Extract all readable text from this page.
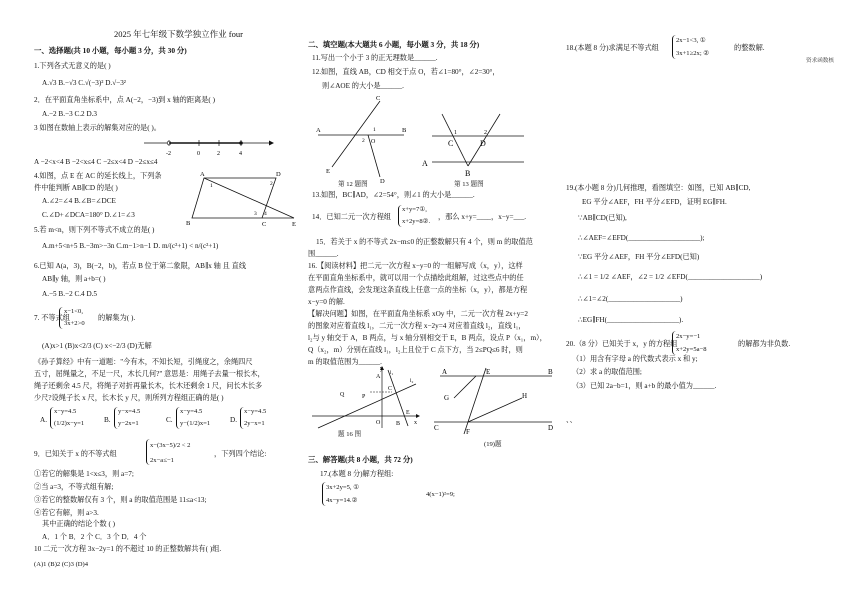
2025 年七年级下数学独立作业 four
一、选择题(共 10 小题，每小题 3 分，共 30 分)
1.下列各式无意义的是( )
A.√3 B.−√3 C.√(−3)² D.√−3²
2．在平面直角坐标系中，点 A(−2，−3)到 x 轴的距离是( )
A.−2 B.−3 C.2 D.3
3 如图在数轴上表示的解集对应的是( )。
-2	0	2	4
A −2<x<4 B −2<x≤4 C −2≤x<4 D −2≤x≤4
4.如图，点 E 在 AC 的延长线上，下列条
件中能判断 AB∥CD 的是( )
A.∠2=∠4 B.∠B=∠DCE
C.∠D+∠DCA=180° D.∠1=∠3
A
B	C
D
E
1	2
3 4
5.若 m<n，则下列不等式不成立的是( )
A.m+5<n+5 B.−3m>−3n C.m−1>n−1 D. m/(c²+1) < n/(c²+1)
6.已知 A(a，3)，B(−2，b)，若点 B 位于第二象限，AB∥x 轴 且 直线
AB∥y 轴，则 a+b=( )
A.−5 B.−2 C.4 D.5
7. 不等式组
x−1<0,
3x+2>0
的解集为( ).
(A)x>1 (B)x<2/3 (C) x<−2/3 (D)无解
《孙子算经》中有一道题："今有木，不知长短，引绳度之，余绳四尺
五寸，屈绳量之，不足一尺，木长几何?" 意思是：用绳子去量一根长木，
绳子还剩余 4.5 尺，将绳子对折再量长木，长木还剩余 1 尺，问长木长多
少尺?设绳子长 x 尺，长木长 y 尺，则所列方程组正确的是( )
A.
x−y=4.5
(1/2)x−y=1	B.
y−x=4.5
y−2x=1	C.
x−y=4.5
y−(1/2)x=1	D.
x−y=4.5
2y−x=1
9．已知关于 x 的不等式组
x−(3x−5)/2 < 2
2x−a≤−1
，下列四个结论:
①若它的解集是 1<x≤3，则 a=7;
②当 a=3，不等式组有解;
③若它的整数解仅有 3 个，则 a 的取值范围是 11≤a<13;
④若它有解，则 a>3.
其中正确的结论个数 ( )
A．1 个 B．2 个 C．3 个 D．4 个
10 二元一次方程 3x−2y=1 的不超过 10 的正整数解共有( )组.
(A)1 (B)2 (C)3 (D)4
二、填空题(本大题共 6 小题，每小题 3 分，共 18 分)
11.写出一个小于 3 的正无理数是______.
12.如图，直线 AB，CD 相交于点 O，若∠1=80°，∠2=30°，
则∠AOE 的大小是______.
A	B
C
D
E
O
1
2
第 12 题图
A
B
C	D
1	2
第 13 题图
13.如图，BC∥AD，∠2=54°，则∠1 的大小是______.
14．已知二元一次方程组
x+y=7①,
x+2y=8②.
，那么 x+y=____，x−y=___.
15．若关于 x 的不等式 2x−m≤0 的正整数解只有 4 个，则 m 的取值范
围______.
16.【阅读材料】把二元一次方程 x−y=0 的一组解写成（x，y），这样
在平面直角坐标系中，就可以用一个点描绘此组解，过这些点中的任
意两点作直线，会发现这条直线上任意一点的坐标（x，y），都是方程
x−y=0 的解.
【解决问题】如图，在平面直角坐标系 xOy 中，二元一次方程 2x+y=2
的图象对应着直线 l₁，二元一次方程 x−2y=4 对应着直线 l₂，直线 l₁，
l₂与 y 轴交于 A，B 两点，与 x 轴分别相交于 E，B 两点，设点 P（x₁，m），
Q（x₂，m）分别在直线 l₁，l₂上且位于 C 点下方，当 2≤PQ≤6 时，则
m 的取值范围为______.
y
x
A
B
C
E
O
P
Q
l₁
l₂
题 16 图
A	B
C	D
E
F
G	H
(19)题
三、解答题(共 8 小题，共 72 分)
17.(本题 8 分)解方程组:
3x+2y=5, ①
4x−y=14.②
4(x−1)²=9;
18.(本题 8 分)求满足不等式组
2x−1<3, ①
3x+1≥2x; ②
的整数解.
资求函数核
19.(本小题 8 分)几何推理，看图填空：如图，已知 AB∥CD,
EG 平分∠AEF，FH 平分∠EFD，证明 EG∥FH.
∵AB∥CD(已知),
∴∠AEF=∠EFD(____________________);
∵EG 平分∠AEF，FH 平分∠EFD(已知)
∴∠1 = 1/2 ∠AEF，∠2 = 1/2 ∠EFD(____________________)
∴∠1=∠2(____________________)
∴EG∥FH(____________________).
20.（8 分）已知关于 x，y 的方程组
2x−y=−1
x+2y=5a−8
的解都为非负数.
（1）用含有字母 a 的代数式表示 x 和 y;
（2）求 a 的取值范围;
（3）已知 2a−b=1，则 a+b 的最小值为______.
、、
